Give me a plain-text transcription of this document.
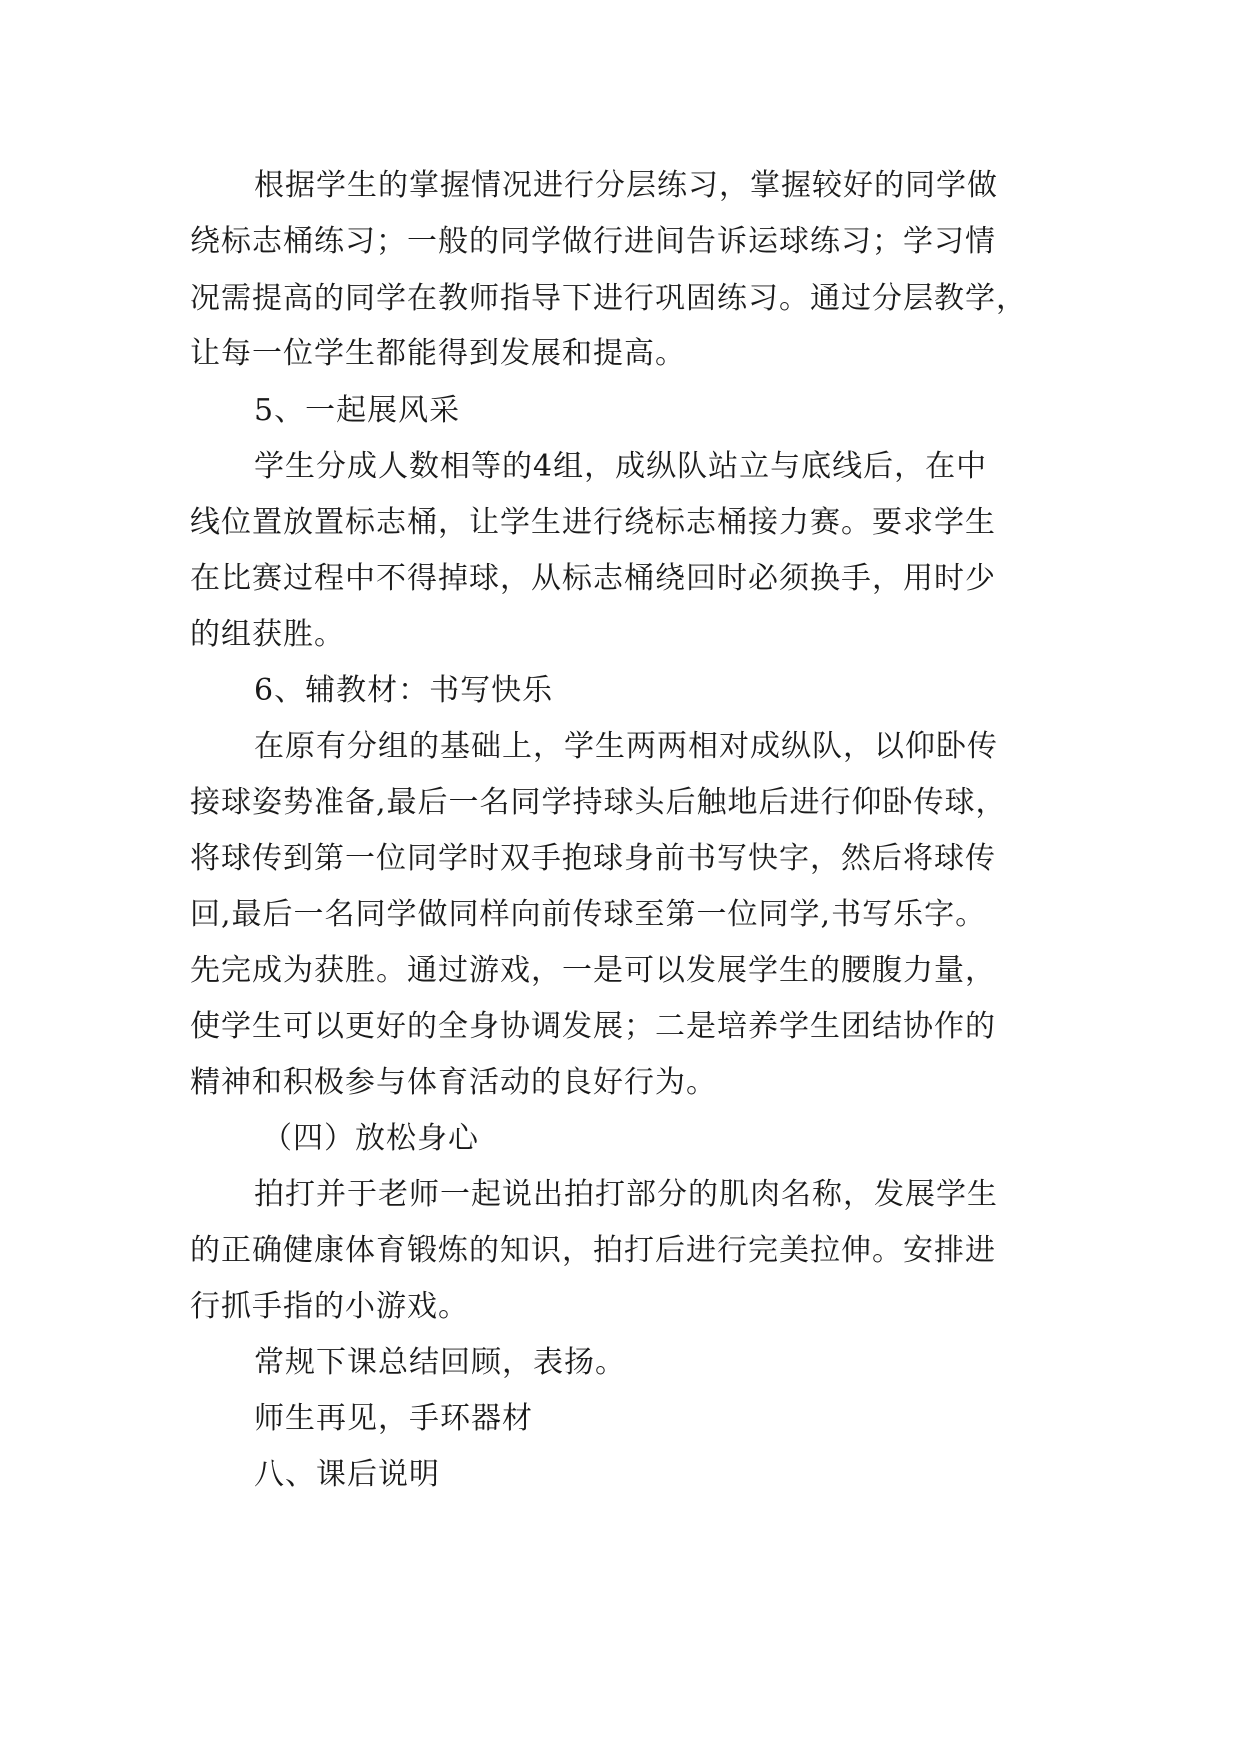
根据学生的掌握情况进行分层练习，掌握较好的同学做
绕标志桶练习；一般的同学做行进间告诉运球练习；学习情
况需提高的同学在教师指导下进行巩固练习。通过分层教学，
让每一位学生都能得到发展和提高。
5、一起展风采
学生分成人数相等的4组，成纵队站立与底线后，在中
线位置放置标志桶，让学生进行绕标志桶接力赛。要求学生
在比赛过程中不得掉球，从标志桶绕回时必须换手，用时少
的组获胜。
6、辅教材：书写快乐
在原有分组的基础上，学生两两相对成纵队，以仰卧传
接球姿势准备,最后一名同学持球头后触地后进行仰卧传球，
将球传到第一位同学时双手抱球身前书写快字，然后将球传
回,最后一名同学做同样向前传球至第一位同学,书写乐字。
先完成为获胜。通过游戏，一是可以发展学生的腰腹力量，
使学生可以更好的全身协调发展；二是培养学生团结协作的
精神和积极参与体育活动的良好行为。
（四）放松身心
拍打并于老师一起说出拍打部分的肌肉名称，发展学生
的正确健康体育锻炼的知识，拍打后进行完美拉伸。安排进
行抓手指的小游戏。
常规下课总结回顾，表扬。
师生再见，手环器材
八、课后说明
